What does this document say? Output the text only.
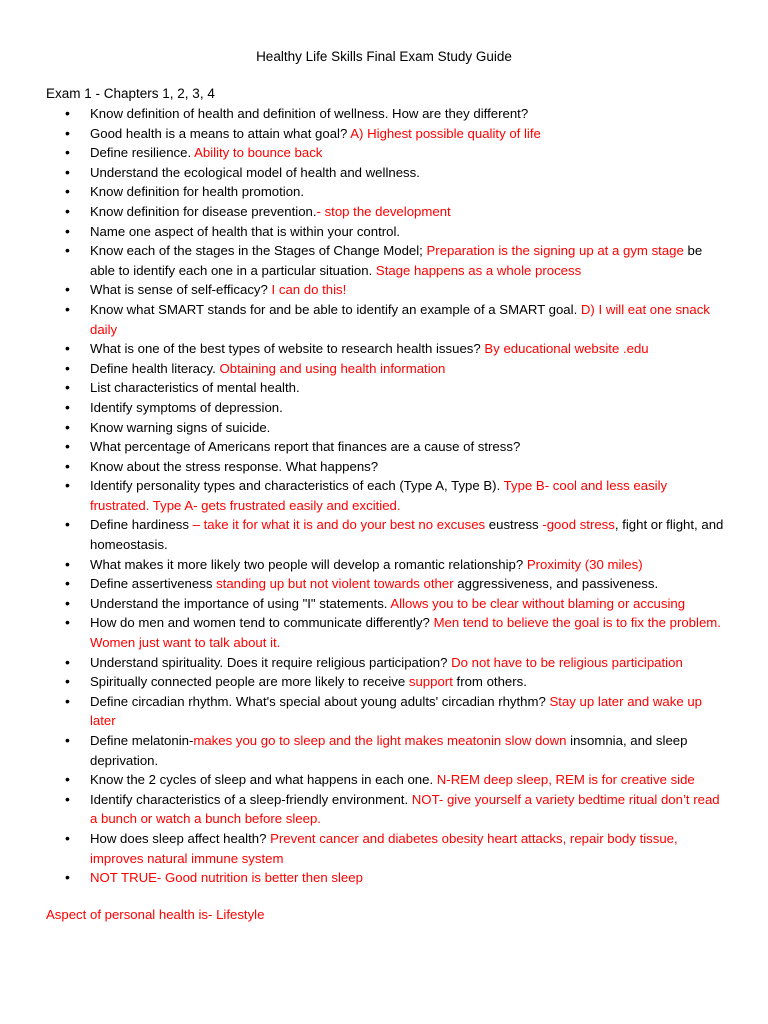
Healthy Life Skills Final Exam Study Guide
Exam 1 - Chapters 1, 2, 3, 4
• Know definition of health and definition of wellness. How are they different?
• Good health is a means to attain what goal? A) Highest possible quality of life
• Define resilience. Ability to bounce back
• Understand the ecological model of health and wellness.
• Know definition for health promotion.
• Know definition for disease prevention.- stop the development
• Name one aspect of health that is within your control.
• Know each of the stages in the Stages of Change Model; Preparation is the signing up at a gym stage be able to identify each one in a particular situation. Stage happens as a whole process
• What is sense of self-efficacy? I can do this!
• Know what SMART stands for and be able to identify an example of a SMART goal. D) I will eat one snack daily
• What is one of the best types of website to research health issues? By educational website .edu
• Define health literacy. Obtaining and using health information
• List characteristics of mental health.
• Identify symptoms of depression.
• Know warning signs of suicide.
• What percentage of Americans report that finances are a cause of stress?
• Know about the stress response. What happens?
• Identify personality types and characteristics of each (Type A, Type B). Type B- cool and less easily frustrated. Type A- gets frustrated easily and excitied.
• Define hardiness – take it for what it is and do your best no excuses eustress -good stress, fight or flight, and homeostasis.
• What makes it more likely two people will develop a romantic relationship? Proximity (30 miles)
• Define assertiveness standing up but not violent towards other aggressiveness, and passiveness.
• Understand the importance of using "I" statements. Allows you to be clear without blaming or accusing
• How do men and women tend to communicate differently? Men tend to believe the goal is to fix the problem. Women just want to talk about it.
• Understand spirituality. Does it require religious participation? Do not have to be religious participation
• Spiritually connected people are more likely to receive support from others.
• Define circadian rhythm. What's special about young adults' circadian rhythm? Stay up later and wake up later
• Define melatonin-makes you go to sleep and the light makes meatonin slow down insomnia, and sleep deprivation.
• Know the 2 cycles of sleep and what happens in each one. N-REM deep sleep, REM is for creative side
• Identify characteristics of a sleep-friendly environment. NOT- give yourself a variety bedtime ritual don’t read a bunch or watch a bunch before sleep.
• How does sleep affect health? Prevent cancer and diabetes obesity heart attacks, repair body tissue, improves natural immune system
• NOT TRUE- Good nutrition is better then sleep
Aspect of personal health is- Lifestyle
